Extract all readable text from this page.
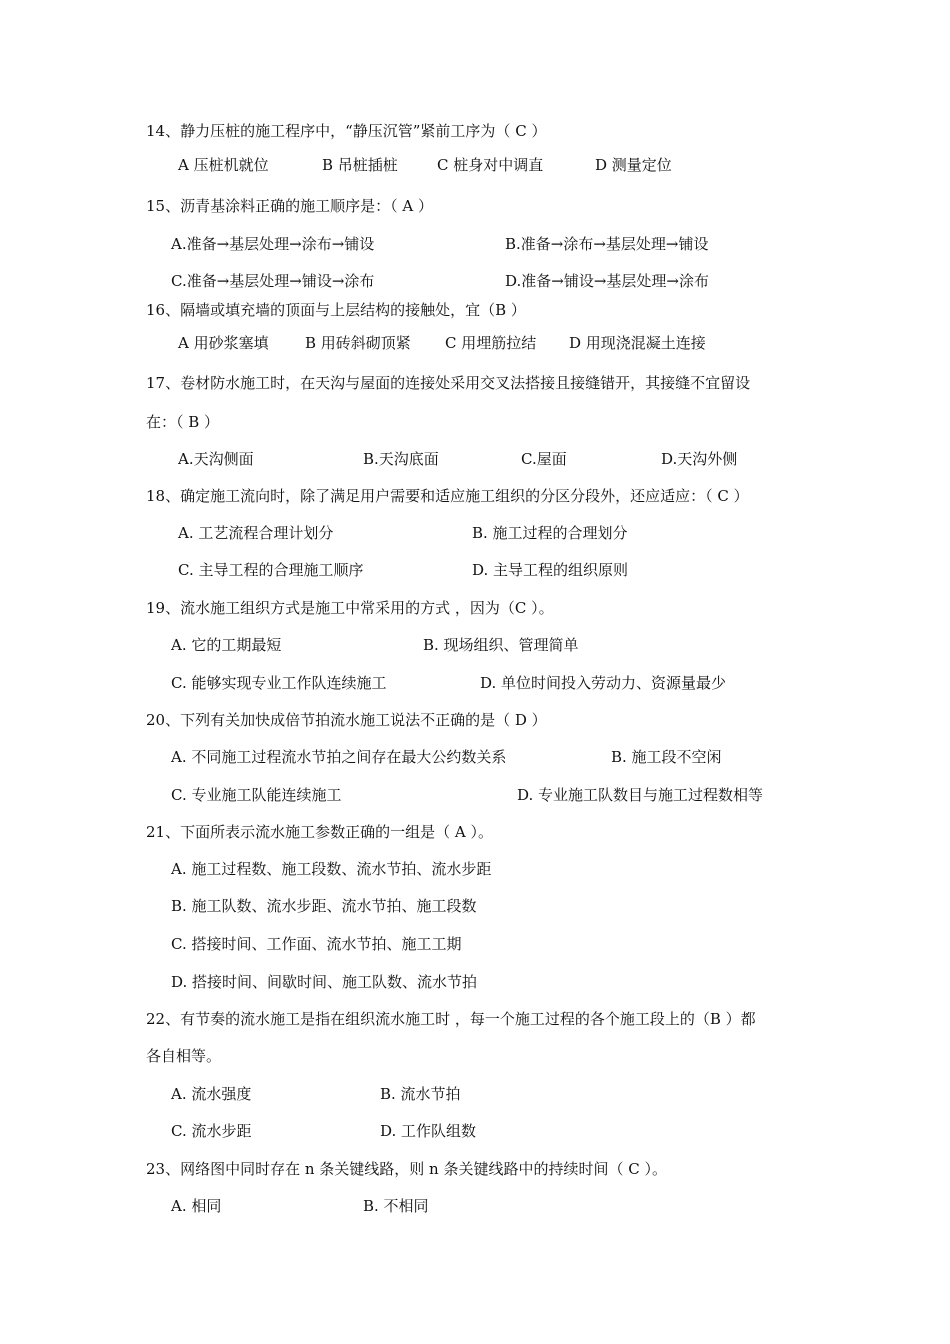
14、静力压桩的施工程序中，“静压沉管”紧前工序为（ C ）
A 压桩机就位	B 吊桩插桩	C 桩身对中调直	D 测量定位
15、沥青基涂料正确的施工顺序是：（ A ）
A.准备→基层处理→涂布→铺设	B.准备→涂布→基层处理→铺设
C.准备→基层处理→铺设→涂布	D.准备→铺设→基层处理→涂布
16、隔墙或填充墙的顶面与上层结构的接触处，宜（B ）
A 用砂浆塞填 B 用砖斜砌顶紧 C 用埋筋拉结 D 用现浇混凝土连接
17、卷材防水施工时，在天沟与屋面的连接处采用交叉法搭接且接缝错开，其接缝不宜留设
在：（ B ）
A.天沟侧面	B.天沟底面	C.屋面	D.天沟外侧
18、确定施工流向时，除了满足用户需要和适应施工组织的分区分段外，还应适应：（ C ）
A. 工艺流程合理计划分	B. 施工过程的合理划分
C. 主导工程的合理施工顺序	D. 主导工程的组织原则
19、流水施工组织方式是施工中常采用的方式 ，因为（C ）。
A. 它的工期最短	B. 现场组织、管理简单
C. 能够实现专业工作队连续施工	D. 单位时间投入劳动力、资源量最少
20、下列有关加快成倍节拍流水施工说法不正确的是（ D ）
A. 不同施工过程流水节拍之间存在最大公约数关系	B. 施工段不空闲
C. 专业施工队能连续施工	D. 专业施工队数目与施工过程数相等
21、下面所表示流水施工参数正确的一组是（ A ）。
A. 施工过程数、施工段数、流水节拍、流水步距
B. 施工队数、流水步距、流水节拍、施工段数
C. 搭接时间、工作面、流水节拍、施工工期
D. 搭接时间、间歇时间、施工队数、流水节拍
22、有节奏的流水施工是指在组织流水施工时 ，每一个施工过程的各个施工段上的（B ）都
各自相等。
A. 流水强度	B. 流水节拍
C. 流水步距	D. 工作队组数
23、网络图中同时存在 n 条关键线路，则 n 条关键线路中的持续时间（ C ）。
A. 相同	B. 不相同
